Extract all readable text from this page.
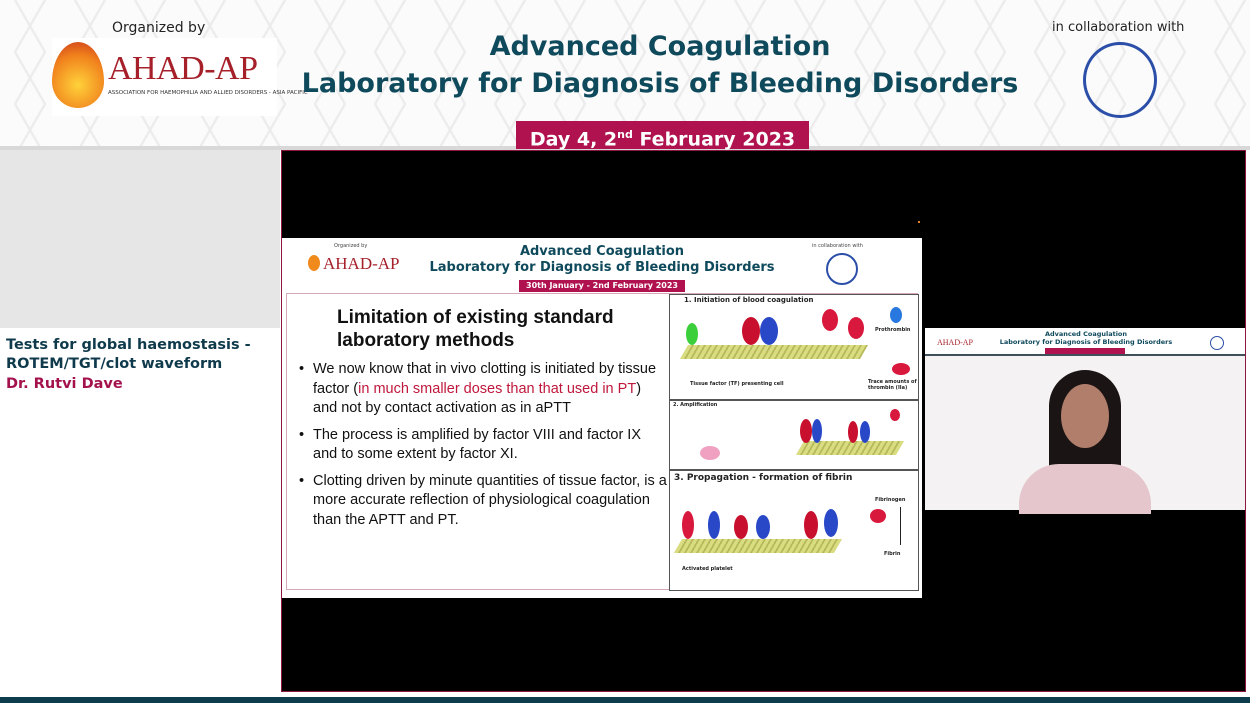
Organized by
AHAD-AP
ASSOCIATION FOR HAEMOPHILIA AND ALLIED DISORDERS - ASIA PACIFIC
Advanced Coagulation
Laboratory for Diagnosis of Bleeding Disorders
in collaboration with
Day 4, 2nd February 2023
Tests for global haemostasis -
ROTEM/TGT/clot waveform
Dr. Rutvi Dave
Organized by
AHAD-AP
Advanced Coagulation
Laboratory for Diagnosis of Bleeding Disorders
30th January - 2nd February 2023
in collaboration with
Limitation of existing standard
laboratory methods
• We now know that in vivo clotting is initiated by tissue factor (in much smaller doses than that used in PT) and not by contact activation as in aPTT
• The process is amplified by factor VIII and factor IX and to some extent by factor XI.
• Clotting driven by minute quantities of tissue factor, is a more accurate reflection of physiological coagulation than the APTT and PT.
1. Initiation of blood coagulation
Prothrombin
Trace amounts of thrombin (IIa)
Tissue factor (TF) presenting cell
2. Amplification
3. Propagation - formation of fibrin
Fibrinogen
Fibrin
Activated platelet
AHAD-AP
Advanced Coagulation
Laboratory for Diagnosis of Bleeding Disorders
